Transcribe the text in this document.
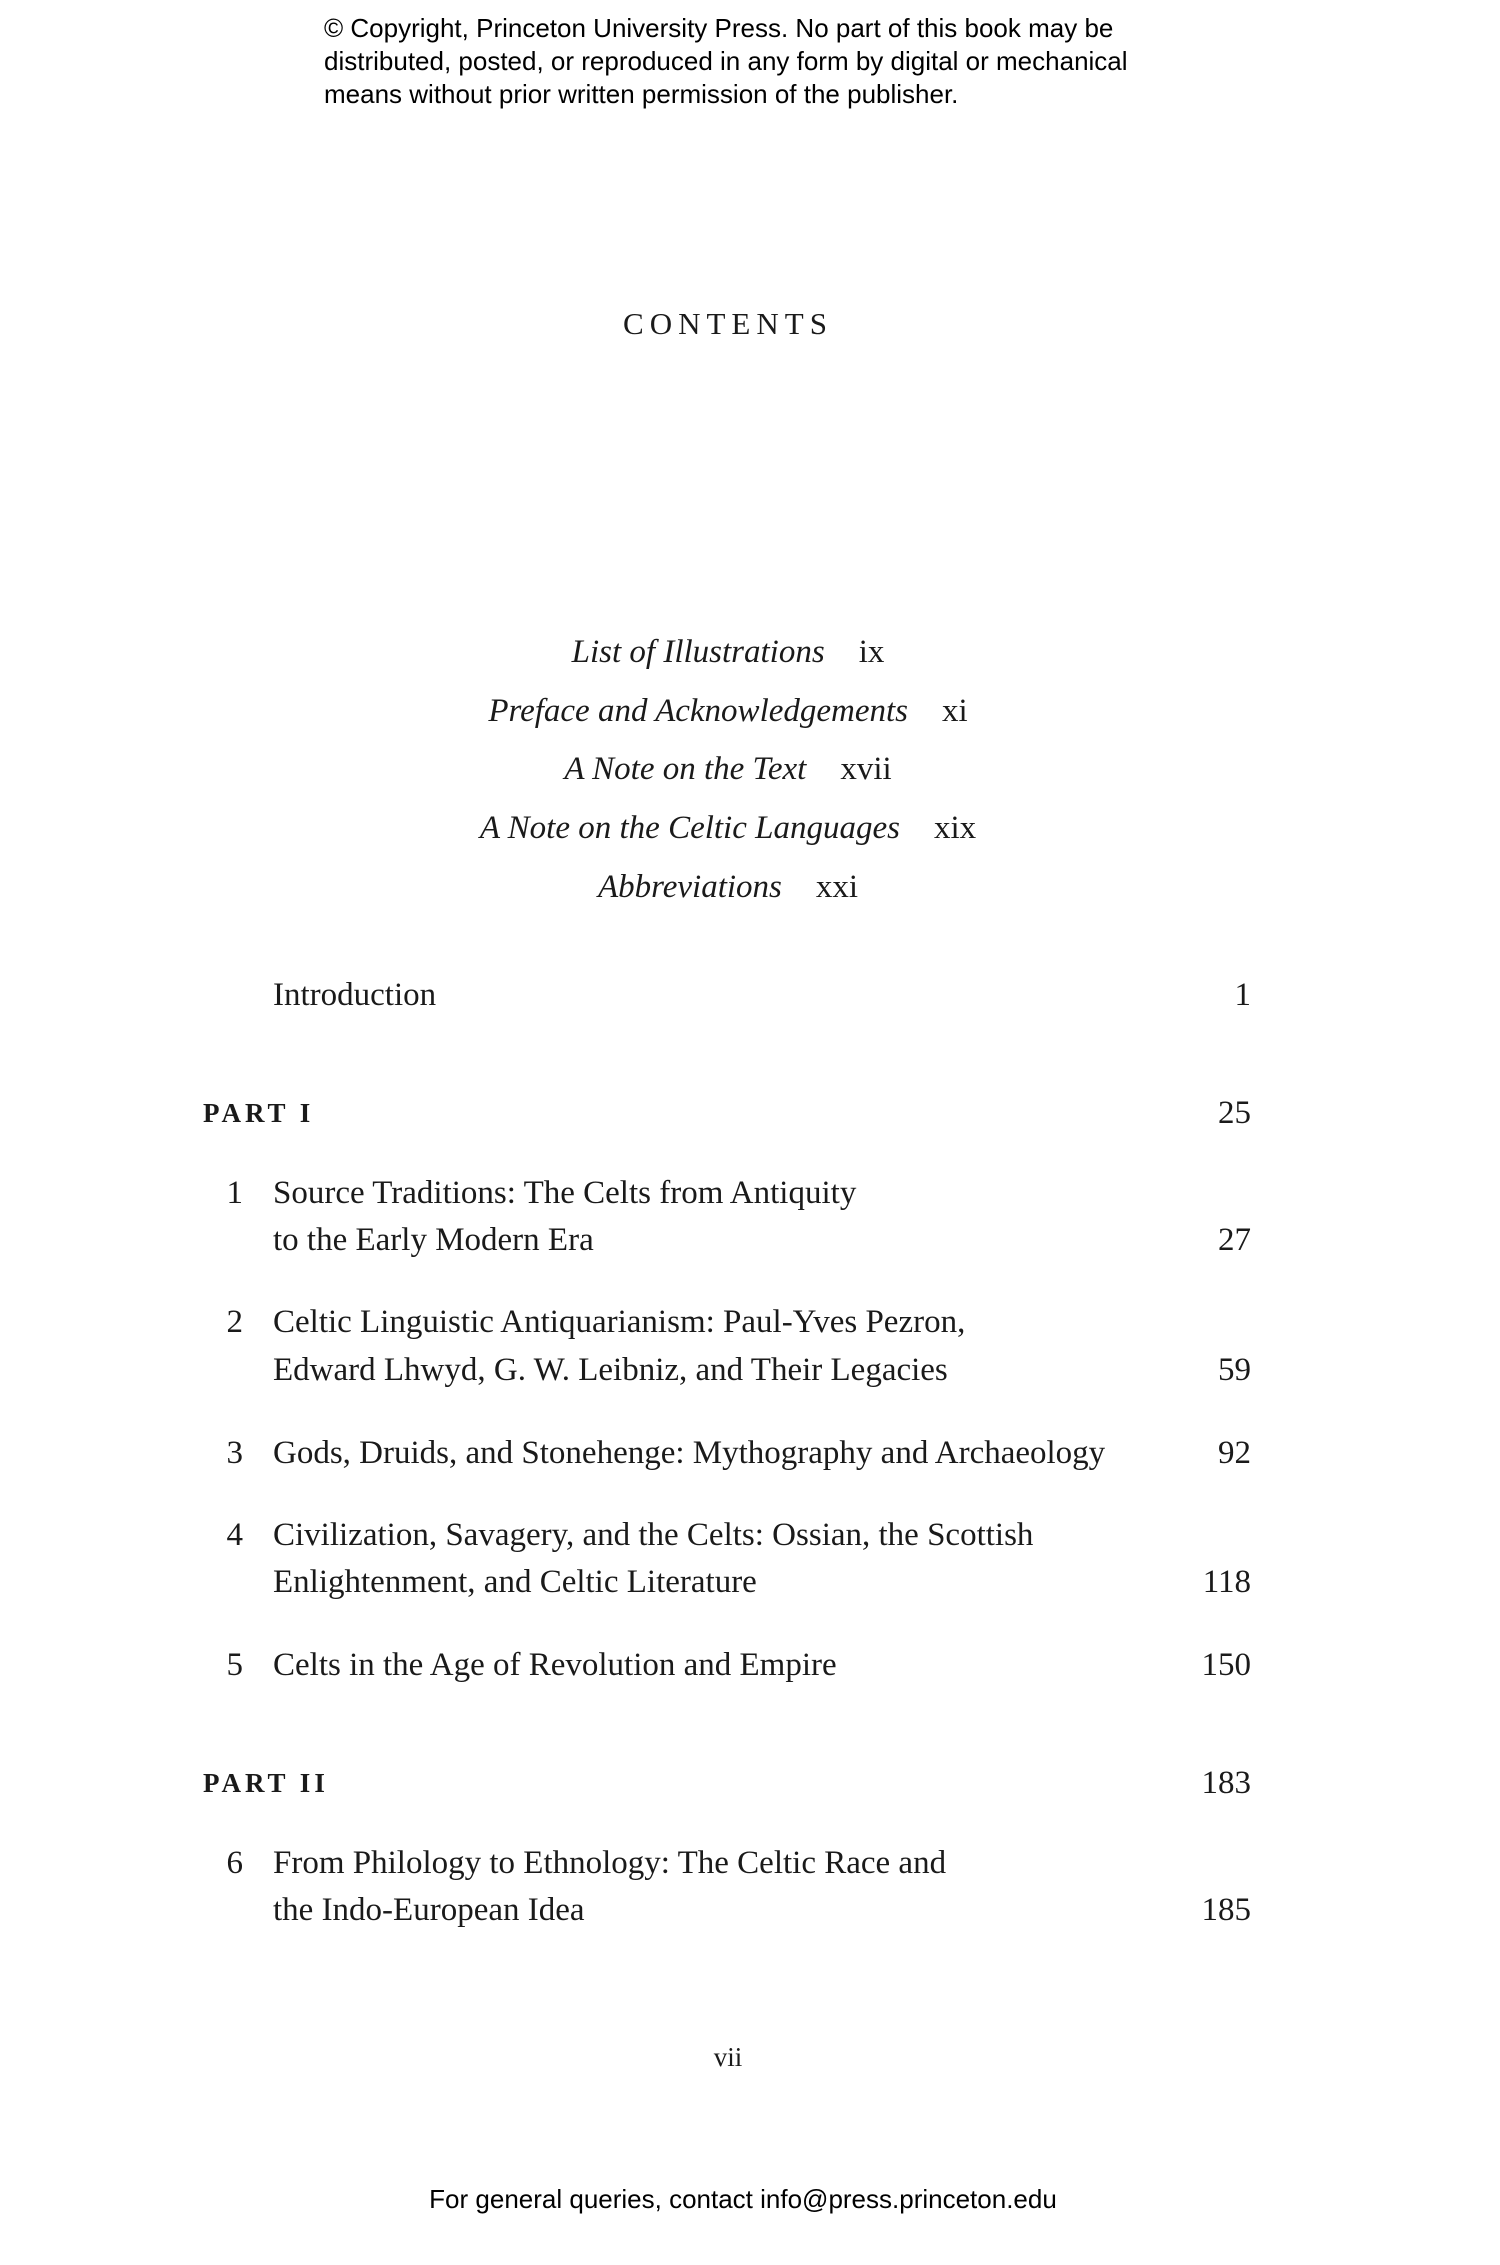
© Copyright, Princeton University Press. No part of this book may be
distributed, posted, or reproduced in any form by digital or mechanical
means without prior written permission of the publisher.
CONTENTS
List of Illustrations ix
Preface and Acknowledgements xi
A Note on the Text xvii
A Note on the Celtic Languages xix
Abbreviations xxi
Introduction	1
PART I	25
1 Source Traditions: The Celts from Antiquity
to the Early Modern Era	27
2 Celtic Linguistic Antiquarianism: Paul-Yves Pezron,
Edward Lhwyd, G. W. Leibniz, and Their Legacies	59
3 Gods, Druids, and Stonehenge: Mythography and Archaeology	92
4 Civilization, Savagery, and the Celts: Ossian, the Scottish
Enlightenment, and Celtic Literature	118
5 Celts in the Age of Revolution and Empire	150
PART II	183
6 From Philology to Ethnology: The Celtic Race and
the Indo-European Idea	185
vii
For general queries, contact info@press.princeton.edu
